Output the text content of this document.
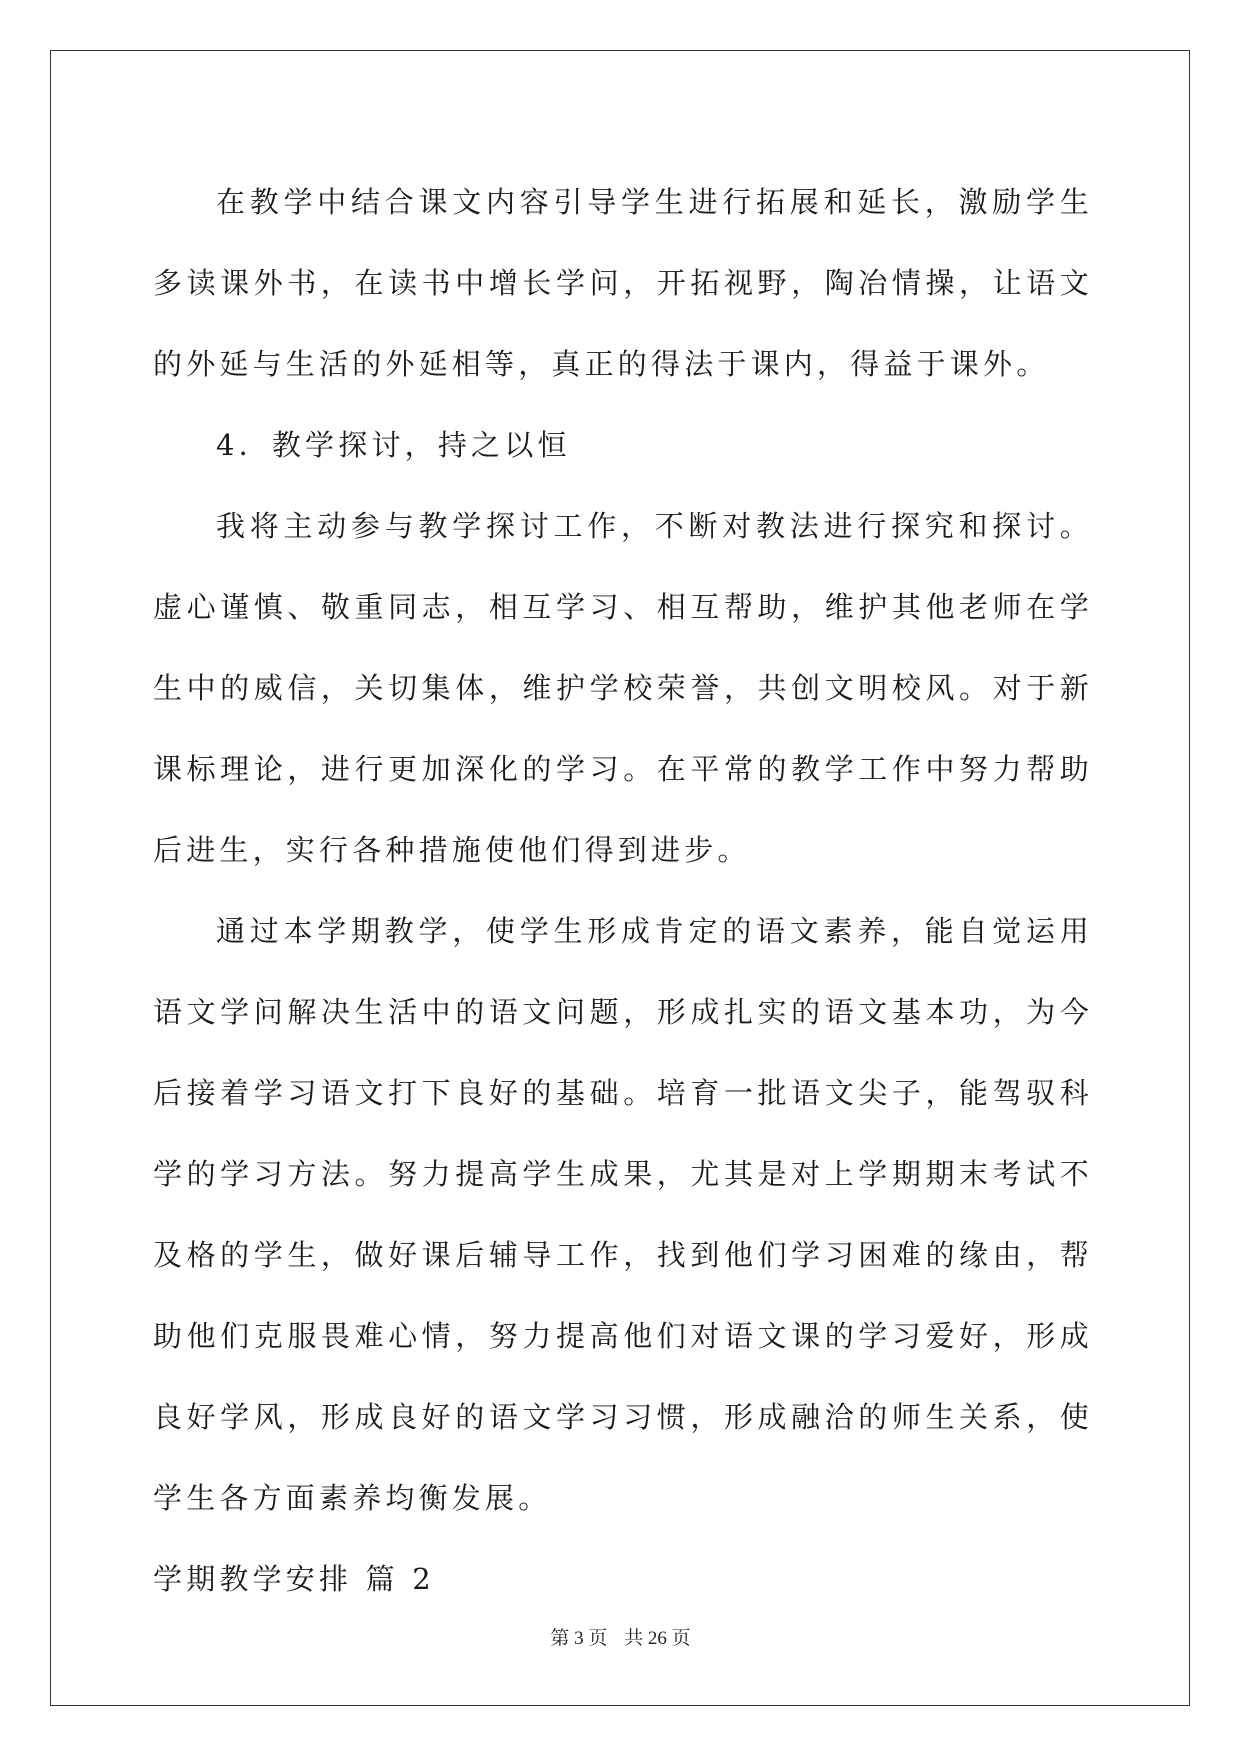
在教学中结合课文内容引导学生进行拓展和延长，激励学生多读课外书，在读书中增长学问，开拓视野，陶冶情操，让语文的外延与生活的外延相等，真正的得法于课内，得益于课外。

4．教学探讨，持之以恒

我将主动参与教学探讨工作，不断对教法进行探究和探讨。虚心谨慎、敬重同志，相互学习、相互帮助，维护其他老师在学生中的威信，关切集体，维护学校荣誉，共创文明校风。对于新课标理论，进行更加深化的学习。在平常的教学工作中努力帮助后进生，实行各种措施使他们得到进步。

通过本学期教学，使学生形成肯定的语文素养，能自觉运用语文学问解决生活中的语文问题，形成扎实的语文基本功，为今后接着学习语文打下良好的基础。培育一批语文尖子，能驾驭科学的学习方法。努力提高学生成果，尤其是对上学期期末考试不及格的学生，做好课后辅导工作，找到他们学习困难的缘由，帮助他们克服畏难心情，努力提高他们对语文课的学习爱好，形成良好学风，形成良好的语文学习习惯，形成融洽的师生关系，使学生各方面素养均衡发展。

学期教学安排 篇 2

第 3 页 共 26 页
